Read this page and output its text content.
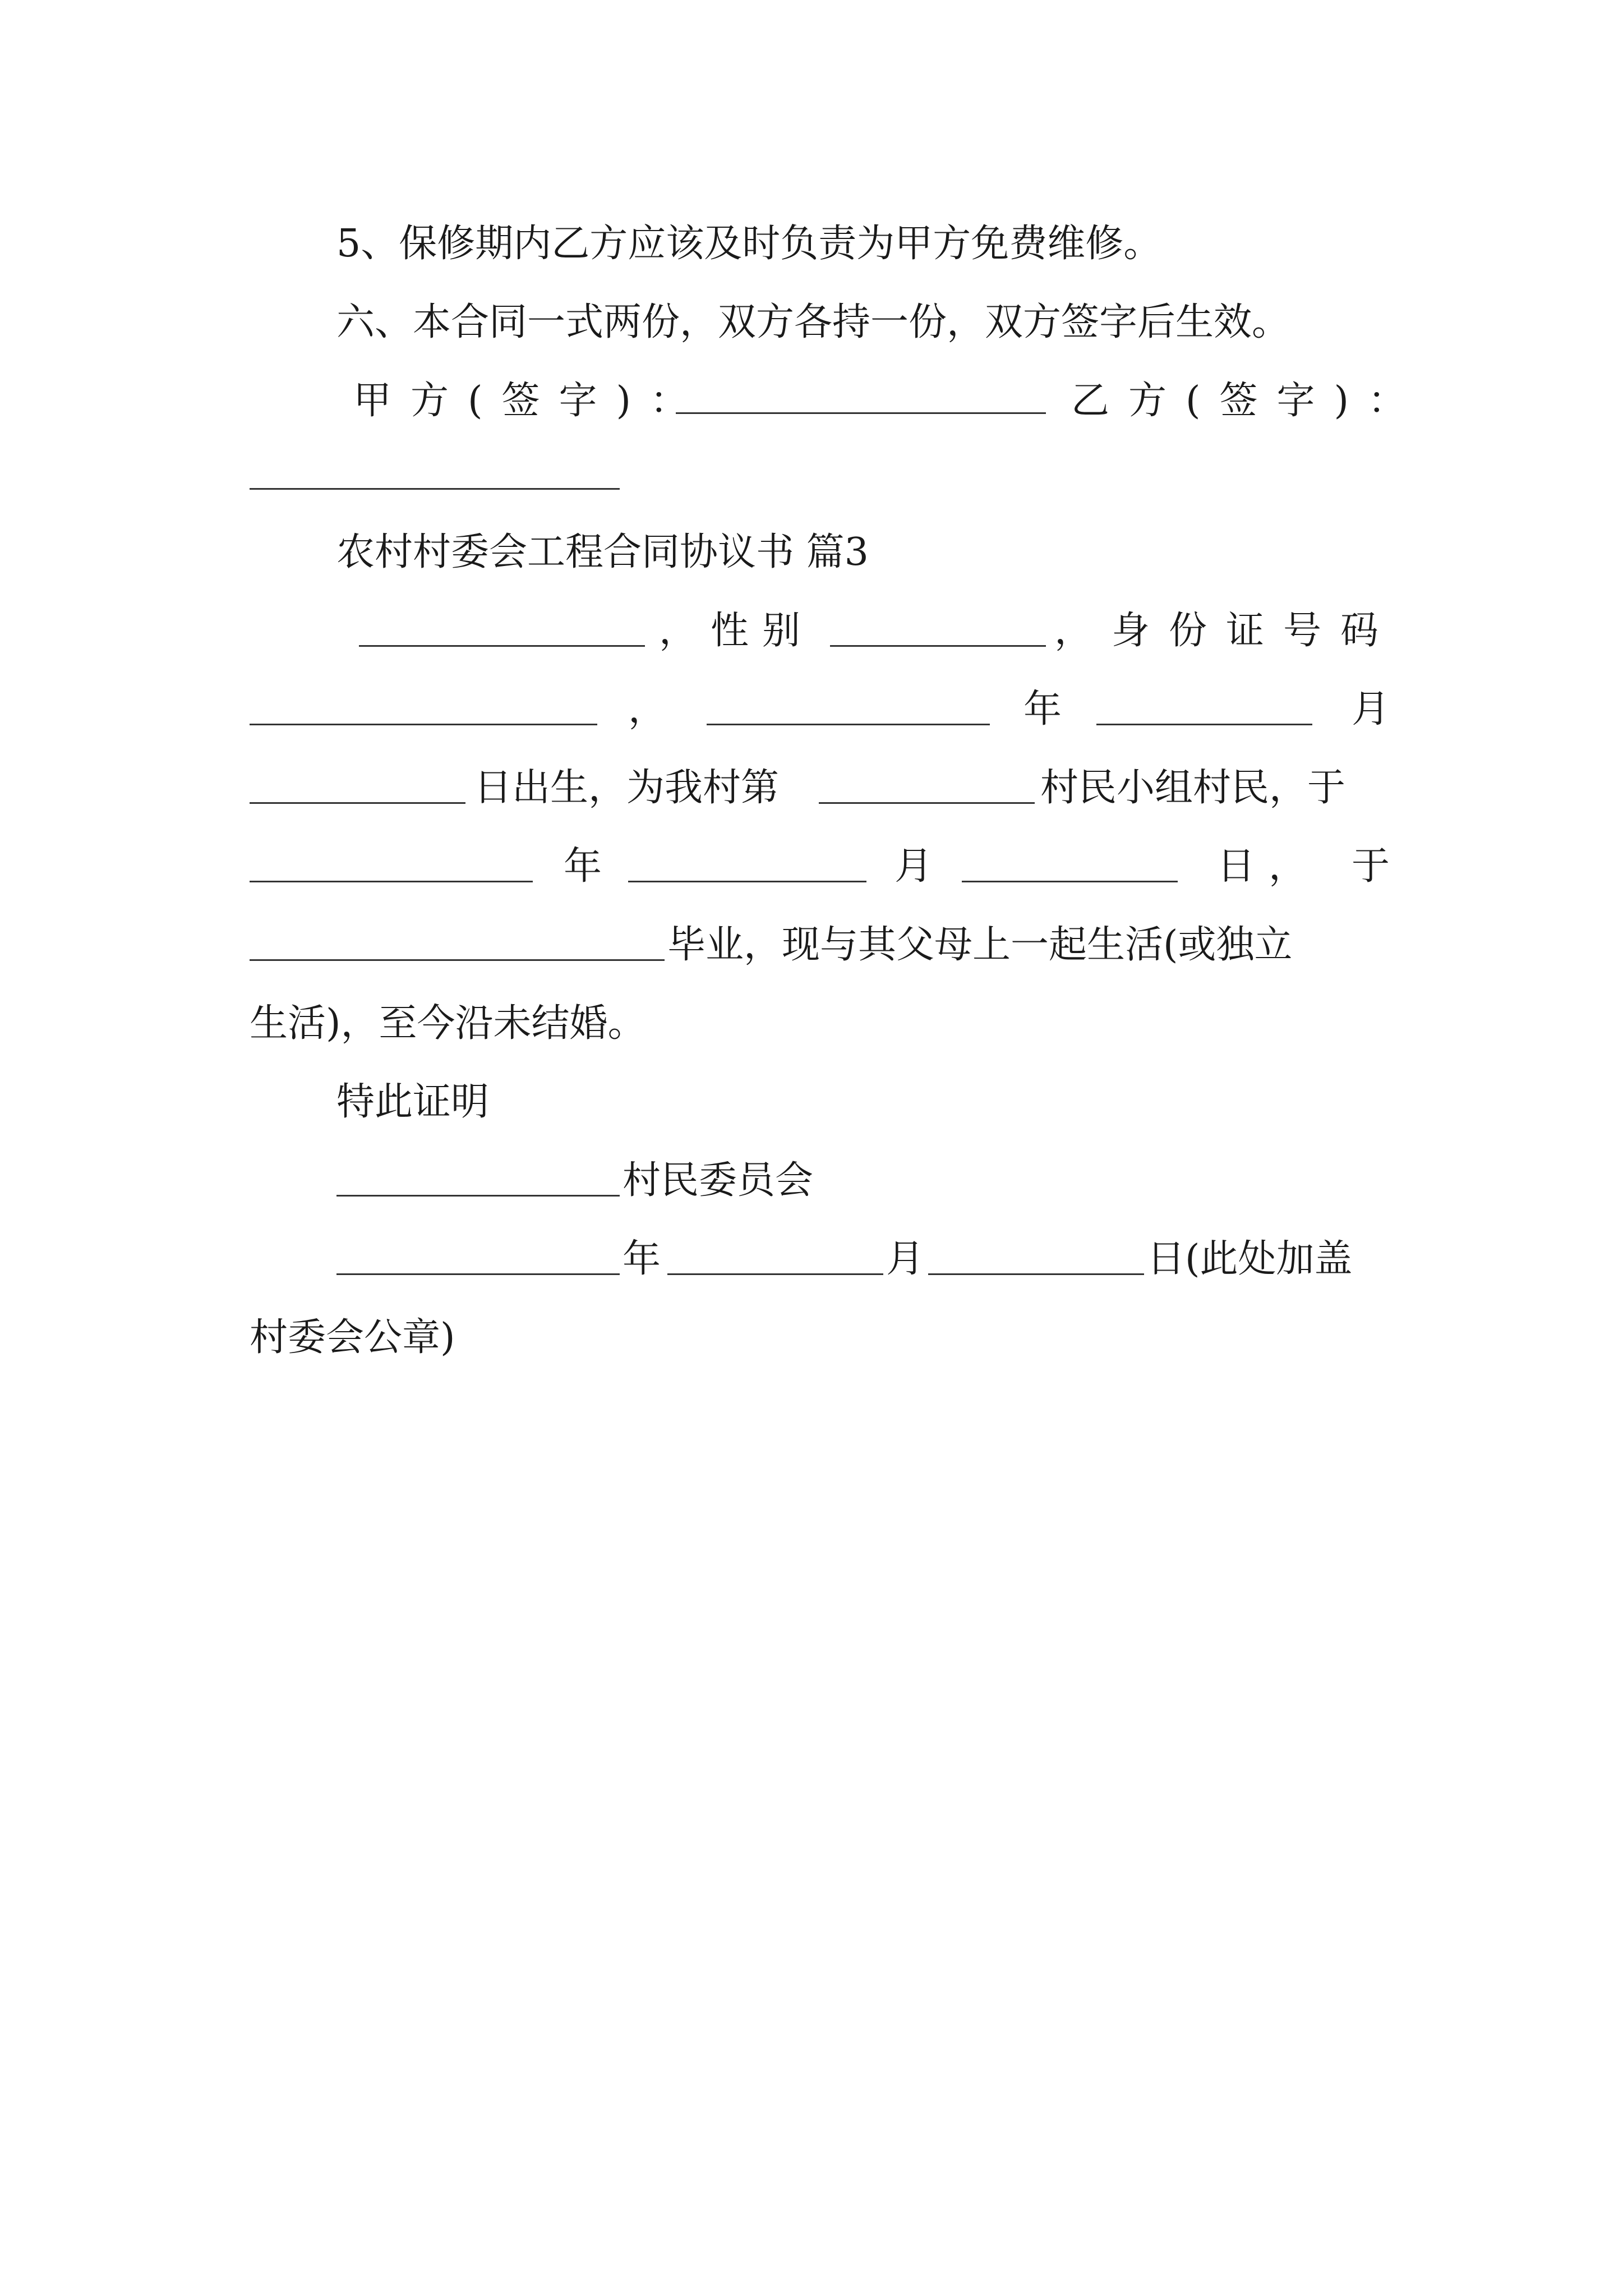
5、保修期内乙方应该及时负责为甲方免费维修。
六、本合同一式两份，双方各持一份，双方签字后生效。
甲方(签字)：	乙方(签字)：
农村村委会工程合同协议书 篇3
，性别	，身份证号码
，	年	月
日出生，为我村第	村民小组村民，于
年	月	日， 于
毕业，现与其父母上一起生活(或独立
生活)，至今沿未结婚。
特此证明
村民委员会
年	月	日(此处加盖
村委会公章)
